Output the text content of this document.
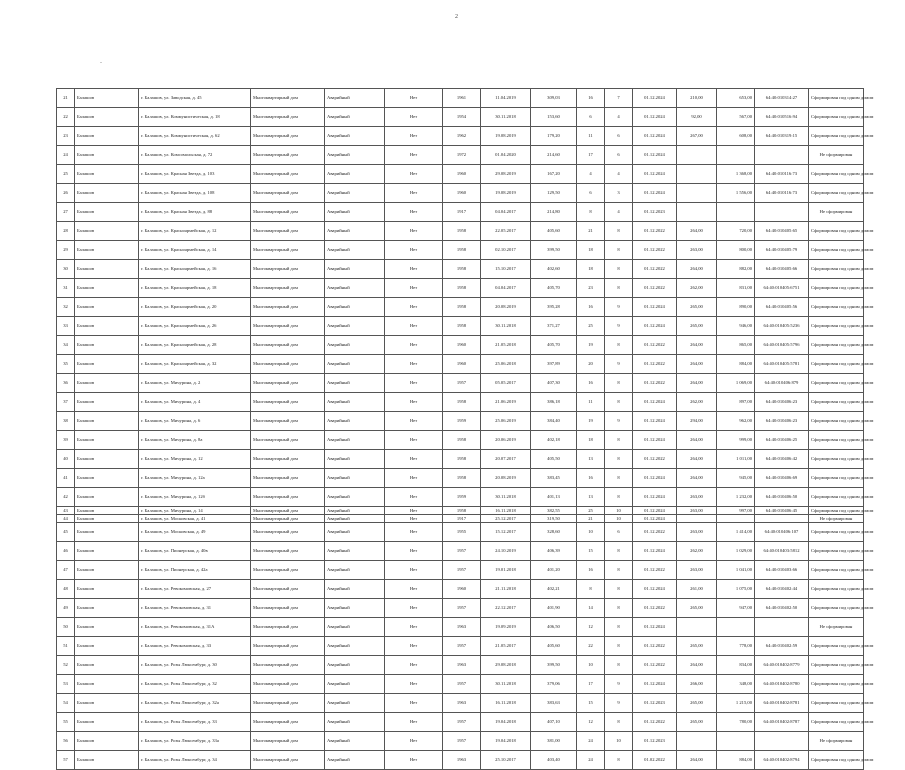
2
-
21	Балашов	г. Балашов, ул. Заводская, д. 45	Многоквартирный дом	Аварийный	Нет	1961	11.04.2019	309,03	16	7	01.12.2024	210,00	653,00	64:40:010314:27	Сформирован под одним домом
22	Балашов	г. Балашов, ул. Коммунистическая, д. 18	Многоквартирный дом	Аварийный	Нет	1954	30.11.2018	153,60	6	4	01.12.2024	92,00	567,00	64:40:010516:94	Сформирован под одним домом
23	Балашов	г. Балашов, ул. Коммунистическая, д. 62	Многоквартирный дом	Аварийный	Нет	1962	19.08.2019	179,20	11	6	01.12.2024	267,00	608,00	64:40:010319:15	Сформирован под одним домом
24	Балашов	г. Балашов, ул. Комсомольская, д. 72	Многоквартирный дом	Аварийный	Нет	1972	01.04.2020	214,60	17	6	01.12.2024				Не сформирован
25	Балашов	г. Балашов, ул. Красная Звезда, д. 103	Многоквартирный дом	Аварийный	Нет	1960	29.08.2019	167,20	4	4	01.12.2024		1 368,00	64:40:010116:73	Сформирован под одним домом
26	Балашов	г. Балашов, ул. Красная Звезда, д. 108	Многоквартирный дом	Аварийный	Нет	1960	19.08.2019	129,50	6	3	01.12.2024		1 556,00	64:40:010116:73	Сформирован под одним домом
27	Балашов	г. Балашов, ул. Красная Звезда, д. 88	Многоквартирный дом	Аварийный	Нет	1917	04.04.2017	214,80	8	4	01.12.2023				Не сформирован
28	Балашов	г. Балашов, ул. Красноармейская, д. 12	Многоквартирный дом	Аварийный	Нет	1958	22.05.2017	405,60	21	8	01.12.2022	264,00	720,00	64:40:010405:65	Сформирован под одним домом
29	Балашов	г. Балашов, ул. Красноармейская, д. 14	Многоквартирный дом	Аварийный	Нет	1958	02.10.2017	399,50	18	8	01.12.2022	263,00	800,00	64:40:010405:79	Сформирован под одним домом
30	Балашов	г. Балашов, ул. Красноармейская, д. 16	Многоквартирный дом	Аварийный	Нет	1958	15.10.2017	402,60	18	8	01.12.2022	264,00	882,00	64:40:010405:66	Сформирован под одним домом
31	Балашов	г. Балашов, ул. Красноармейская, д. 18	Многоквартирный дом	Аварийный	Нет	1958	04.04.2017	405,70	23	8	01.12.2022	262,00	831,00	64:40:010405:6751	Сформирован под одним домом
32	Балашов	г. Балашов, ул. Красноармейская, д. 20	Многоквартирный дом	Аварийный	Нет	1958	20.08.2019	395,28	16	9	01.12.2024	265,00	890,00	64:40:010405:56	Сформирован под одним домом
33	Балашов	г. Балашов, ул. Красноармейская, д. 26	Многоквартирный дом	Аварийный	Нет	1958	30.11.2018	371,27	25	9	01.12.2024	265,00	946,00	64:40:010405:5236	Сформирован под одним домом
34	Балашов	г. Балашов, ул. Красноармейская, д. 28	Многоквартирный дом	Аварийный	Нет	1960	21.05.2018	405,70	19	8	01.12.2022	264,00	865,00	64:40:010405:5796	Сформирован под одним домом
35	Балашов	г. Балашов, ул. Красноармейская, д. 32	Многоквартирный дом	Аварийный	Нет	1960	25.06.2018	397,89	20	9	01.12.2022	264,00	884,00	64:40:010405:5781	Сформирован под одним домом
36	Балашов	г. Балашов, ул. Мичурина, д. 2	Многоквартирный дом	Аварийный	Нет	1957	05.05.2017	407,30	16	8	01.12.2022	264,00	1 069,00	64:40:010406:879	Сформирован под одним домом
37	Балашов	г. Балашов, ул. Мичурина, д. 4	Многоквартирный дом	Аварийный	Нет	1958	21.06.2019	386,18	11	8	01.12.2024	262,00	897,00	64:40:010406:23	Сформирован под одним домом
38	Балашов	г. Балашов, ул. Мичурина, д. 6	Многоквартирный дом	Аварийный	Нет	1959	25.06.2019	384,40	19	9	01.12.2024	294,00	962,00	64:40:010406:23	Сформирован под одним домом
39	Балашов	г. Балашов, ул. Мичурина, д. 8а	Многоквартирный дом	Аварийный	Нет	1958	20.06.2019	402,18	18	8	01.12.2024	264,00	999,00	64:40:010406:25	Сформирован под одним домом
40	Балашов	г. Балашов, ул. Мичурина, д. 12	Многоквартирный дом	Аварийный	Нет	1958	20.07.2017	405,50	13	8	01.12.2022	264,00	1 011,00	64:40:010406:42	Сформирован под одним домом
41	Балашов	г. Балашов, ул. Мичурина, д. 12а	Многоквартирный дом	Аварийный	Нет	1958	20.08.2019	383,45	16	8	01.12.2024	264,00	945,00	64:40:010406:69	Сформирован под одним домом
42	Балашов	г. Балашов, ул. Мичурина, д. 12б	Многоквартирный дом	Аварийный	Нет	1959	30.11.2018	401,13	13	8	01.12.2024	263,00	1 232,00	64:40:010406:50	Сформирован под одним домом
43	Балашов	г. Балашов, ул. Мичурина, д. 14	Многоквартирный дом	Аварийный	Нет	1958	16.11.2018	382,55	25	10	01.12.2024	263,00	997,00	64:40:010406:45	Сформирован под одним домом
44	Балашов	г. Балашов, ул. Московская, д. 41	Многоквартирный дом	Аварийный	Нет	1917	25.12.2017	319,50	21	10	01.12.2024				Не сформирован
45	Балашов	г. Балашов, ул. Московская, д. 49	Многоквартирный дом	Аварийный	Нет	1955	15.12.2017	328,60	10	6	01.12.2022	263,00	1 414,00	64:40:010406:107	Сформирован под одним домом
46	Балашов	г. Балашов, ул. Пионерская, д. 40в	Многоквартирный дом	Аварийный	Нет	1957	24.10.2019	406,39	15	8	01.12.2024	262,00	1 029,00	64:40:010403:5812	Сформирован под одним домом
47	Балашов	г. Балашов, ул. Пионерская, д. 42а	Многоквартирный дом	Аварийный	Нет	1957	19.01.2018	401,20	16	8	01.12.2022	263,00	1 041,00	64:40:010403:66	Сформирован под одним домом
48	Балашов	г. Балашов, ул. Ревокомовская, д. 27	Многоквартирный дом	Аварийный	Нет	1960	21.11.2018	402,21	8	8	01.12.2024	261,00	1 075,00	64:40:010402:44	Сформирован под одним домом
49	Балашов	г. Балашов, ул. Ревокомовская, д. 31	Многоквартирный дом	Аварийный	Нет	1957	22.12.2017	401,90	14	8	01.12.2022	265,00	947,00	64:40:010402:50	Сформирован под одним домом
50	Балашов	г. Балашов, ул. Ревокомовская, д. 31А	Многоквартирный дом	Аварийный	Нет	1963	19.09.2019	406,50	12	8	01.12.2024				Не сформирован
51	Балашов	г. Балашов, ул. Ревокомовская, д. 33	Многоквартирный дом	Аварийный	Нет	1957	21.05.2017	405,60	22	8	01.12.2022	265,00	778,00	64:40:010402:59	Сформирован под одним домом
52	Балашов	г. Балашов, ул. Розы Люксембург, д. 30	Многоквартирный дом	Аварийный	Нет	1963	29.08.2018	399,50	10	8	01.12.2022	264,00	834,00	64:40:010402:8779	Сформирован под одним домом
53	Балашов	г. Балашов, ул. Розы Люксембург, д. 32	Многоквартирный дом	Аварийный	Нет	1957	30.11.2018	379,06	17	9	01.12.2024	266,00	348,00	64:40:010402:8780	Сформирован под одним домом
54	Балашов	г. Балашов, ул. Розы Люксембург, д. 32а	Многоквартирный дом	Аварийный	Нет	1963	16.11.2018	383,63	15	9	01.12.2023	265,00	1 215,00	64:40:010402:8781	Сформирован под одним домом
55	Балашов	г. Балашов, ул. Розы Люксембург, д. 33	Многоквартирный дом	Аварийный	Нет	1957	19.04.2018	407,10	12	8	01.12.2022	265,00	780,00	64:40:010402:8787	Сформирован под одним домом
56	Балашов	г. Балашов, ул. Розы Люксембург, д. 33а	Многоквартирный дом	Аварийный	Нет	1957	19.04.2018	381,00	24	10	01.12.2023				Не сформирован
57	Балашов	г. Балашов, ул. Розы Люксембург, д. 34	Многоквартирный дом	Аварийный	Нет	1963	25.10.2017	403,40	24	8	01.02.2022	264,00	884,00	64:40:010402:8794	Сформирован под одним домом
